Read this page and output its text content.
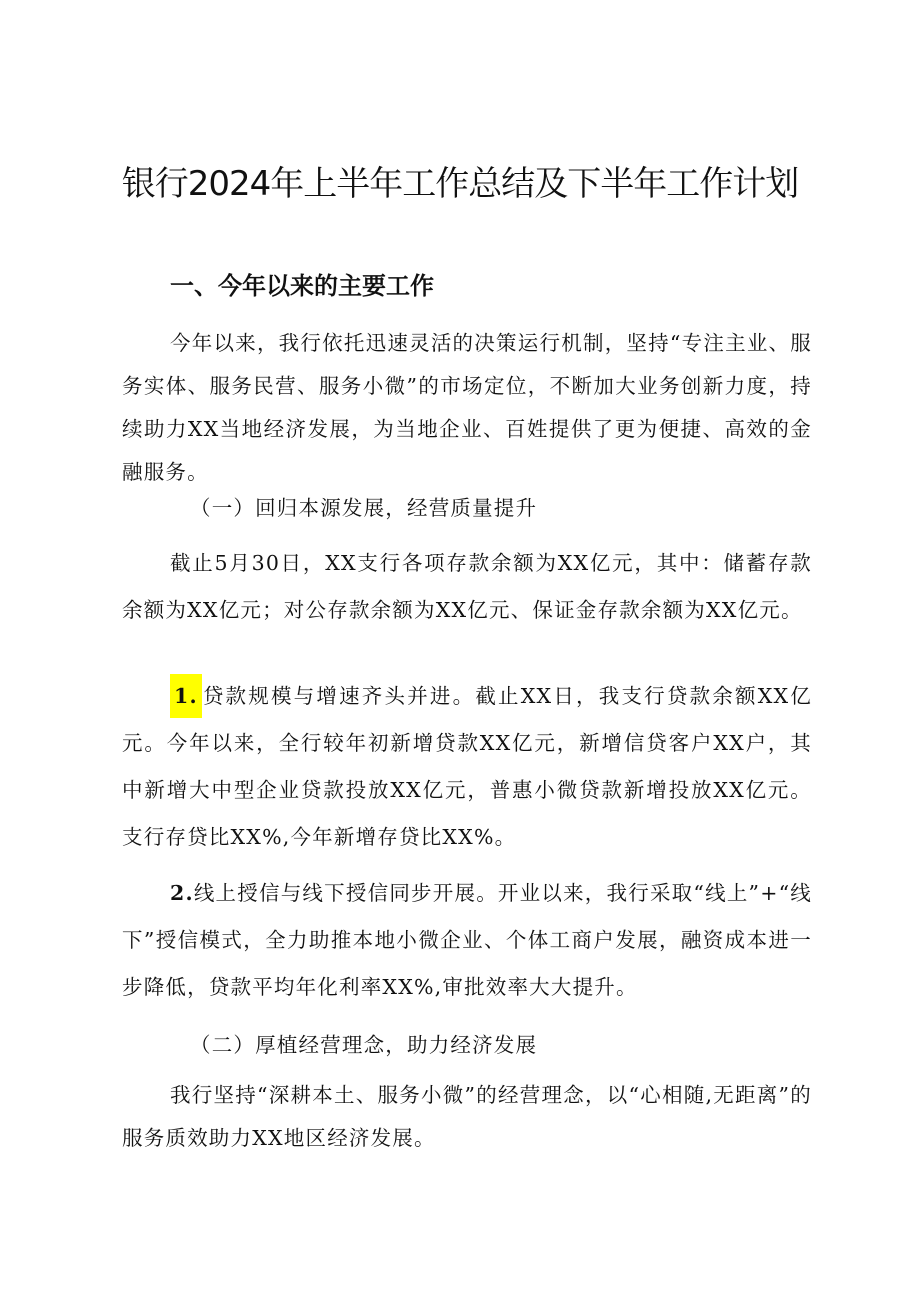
银行2024年上半年工作总结及下半年工作计划
一、今年以来的主要工作

今年以来，我行依托迅速灵活的决策运行机制，坚持“专注主业、服务实体、服务民营、服务小微”的市场定位，不断加大业务创新力度，持续助力XX当地经济发展，为当地企业、百姓提供了更为便捷、高效的金融服务。

（一）回归本源发展，经营质量提升

截止5月30日，XX支行各项存款余额为XX亿元，其中：储蓄存款余额为XX亿元；对公存款余额为XX亿元、保证金存款余额为XX亿元。

1. 贷款规模与增速齐头并进。截止XX日，我支行贷款余额XX亿元。今年以来，全行较年初新增贷款XX亿元，新增信贷客户XX户，其中新增大中型企业贷款投放XX亿元，普惠小微贷款新增投放XX亿元。支行存贷比XX%,今年新增存贷比XX%。

2.线上授信与线下授信同步开展。开业以来，我行采取“线上”+“线下”授信模式，全力助推本地小微企业、个体工商户发展，融资成本进一步降低，贷款平均年化利率XX%,审批效率大大提升。

（二）厚植经营理念，助力经济发展

我行坚持“深耕本土、服务小微”的经营理念，以“心相随,无距离”的服务质效助力XX地区经济发展。
